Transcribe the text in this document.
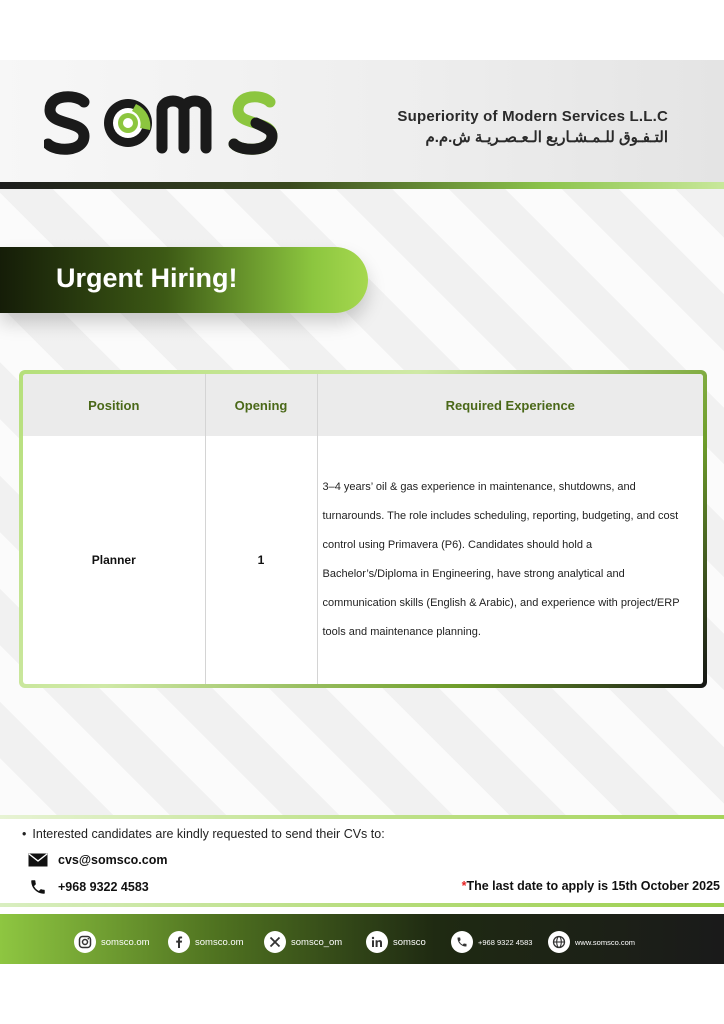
Superiority of Modern Services L.L.C
التـفـوق للـمـشـاريع الـعـصـريـة ش.م.م
Urgent Hiring!
Position	Opening	Required Experience
Planner	1	3–4 years’ oil & gas experience in maintenance, shutdowns, and turnarounds. The role includes scheduling, reporting, budgeting, and cost control using Primavera (P6). Candidates should hold a Bachelor’s/Diploma in Engineering, have strong analytical and communication skills (English & Arabic), and experience with project/ERP tools and maintenance planning.
• Interested candidates are kindly requested to send their CVs to:
cvs@somsco.com
+968 9322 4583	*The last date to apply is 15th October 2025
somsco.om	somsco.om	somsco_om	somsco	+968 9322 4583	www.somsco.com
